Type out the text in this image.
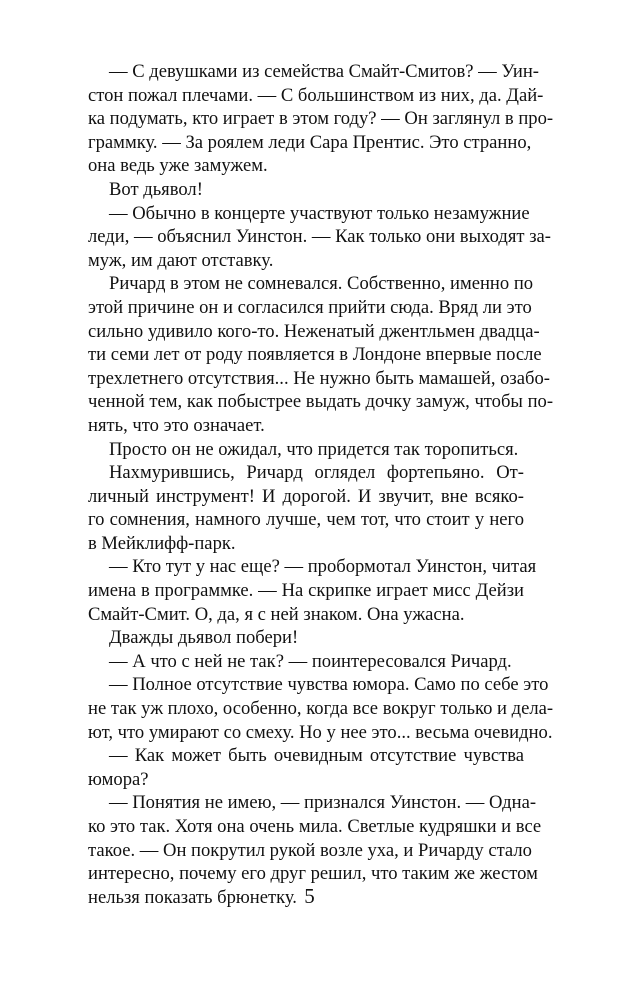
— С девушками из семейства Смайт-Смитов? — Уин-
стон пожал плечами. — С большинством из них, да. Дай-
ка подумать, кто играет в этом году? — Он заглянул в про-
граммку. — За роялем леди Сара Прентис. Это странно,
она ведь уже замужем.
Вот дьявол!
— Обычно в концерте участвуют только незамужние
леди, — объяснил Уинстон. — Как только они выходят за-
муж, им дают отставку.
Ричард в этом не сомневался. Собственно, именно по
этой причине он и согласился прийти сюда. Вряд ли это
сильно удивило кого-то. Неженатый джентльмен двадца-
ти семи лет от роду появляется в Лондоне впервые после
трехлетнего отсутствия... Не нужно быть мамашей, озабо-
ченной тем, как побыстрее выдать дочку замуж, чтобы по-
нять, что это означает.
Просто он не ожидал, что придется так торопиться.
Нахмурившись, Ричард оглядел фортепьяно. От-
личный инструмент! И дорогой. И звучит, вне всяко-
го сомнения, намного лучше, чем тот, что стоит у него
в Мейклифф-парк.
— Кто тут у нас еще? — пробормотал Уинстон, читая
имена в программке. — На скрипке играет мисс Дейзи
Смайт-Смит. О, да, я с ней знаком. Она ужасна.
Дважды дьявол побери!
— А что с ней не так? — поинтересовался Ричард.
— Полное отсутствие чувства юмора. Само по себе это
не так уж плохо, особенно, когда все вокруг только и дела-
ют, что умирают со смеху. Но у нее это... весьма очевидно.
— Как может быть очевидным отсутствие чувства
юмора?
— Понятия не имею, — признался Уинстон. — Одна-
ко это так. Хотя она очень мила. Светлые кудряшки и все
такое. — Он покрутил рукой возле уха, и Ричарду стало
интересно, почему его друг решил, что таким же жестом
нельзя показать брюнетку. 5
